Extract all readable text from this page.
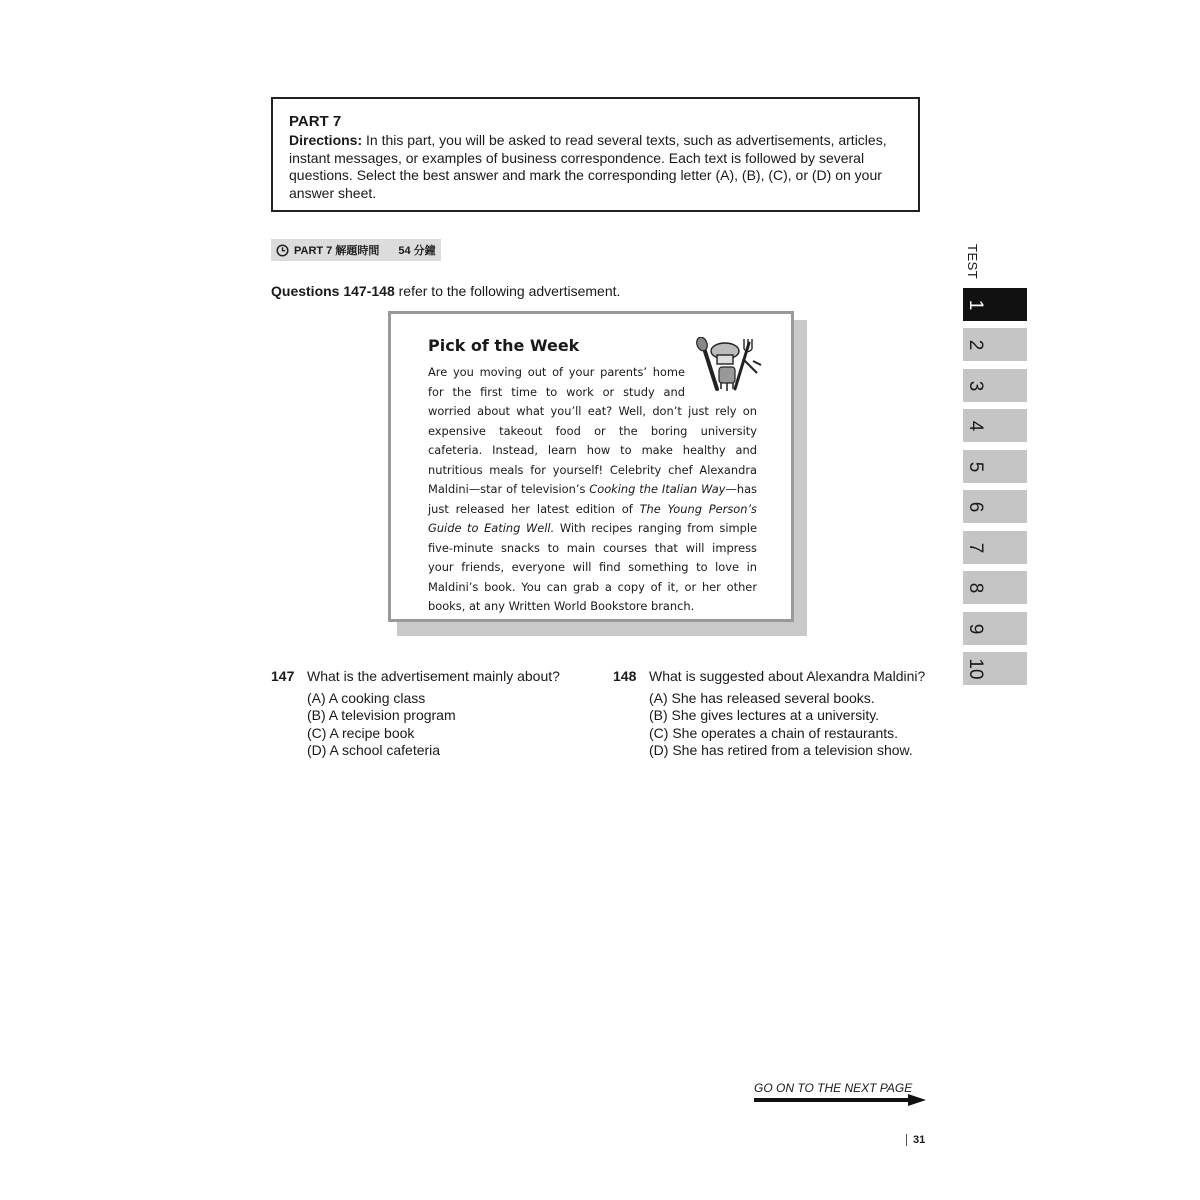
PART 7

Directions: In this part, you will be asked to read several texts, such as advertisements, articles, instant messages, or examples of business correspondence. Each text is followed by several questions. Select the best answer and mark the corresponding letter (A), (B), (C), or (D) on your answer sheet.

PART 7 解題時間 54 分鐘
Questions 147-148 refer to the following advertisement.

Pick of the Week

Are you moving out of your parents’ home for the first time to work or study and worried about what you’ll eat? Well, don’t just rely on expensive takeout food or the boring university cafeteria. Instead, learn how to make healthy and nutritious meals for yourself! Celebrity chef Alexandra Maldini—star of television’s Cooking the Italian Way—has just released her latest edition of The Young Person’s Guide to Eating Well. With recipes ranging from simple five-minute snacks to main courses that will impress your friends, everyone will find something to love in Maldini’s book. You can grab a copy of it, or her other books, at any Written World Bookstore branch.

147 What is the advertisement mainly about?
(A) A cooking class
(B) A television program
(C) A recipe book
(D) A school cafeteria
148 What is suggested about Alexandra Maldini?
(A) She has released several books.
(B) She gives lectures at a university.
(C) She operates a chain of restaurants.
(D) She has retired from a television show.
GO ON TO THE NEXT PAGE
31
TEST
1
2
3
4
5
6
7
8
9
10
